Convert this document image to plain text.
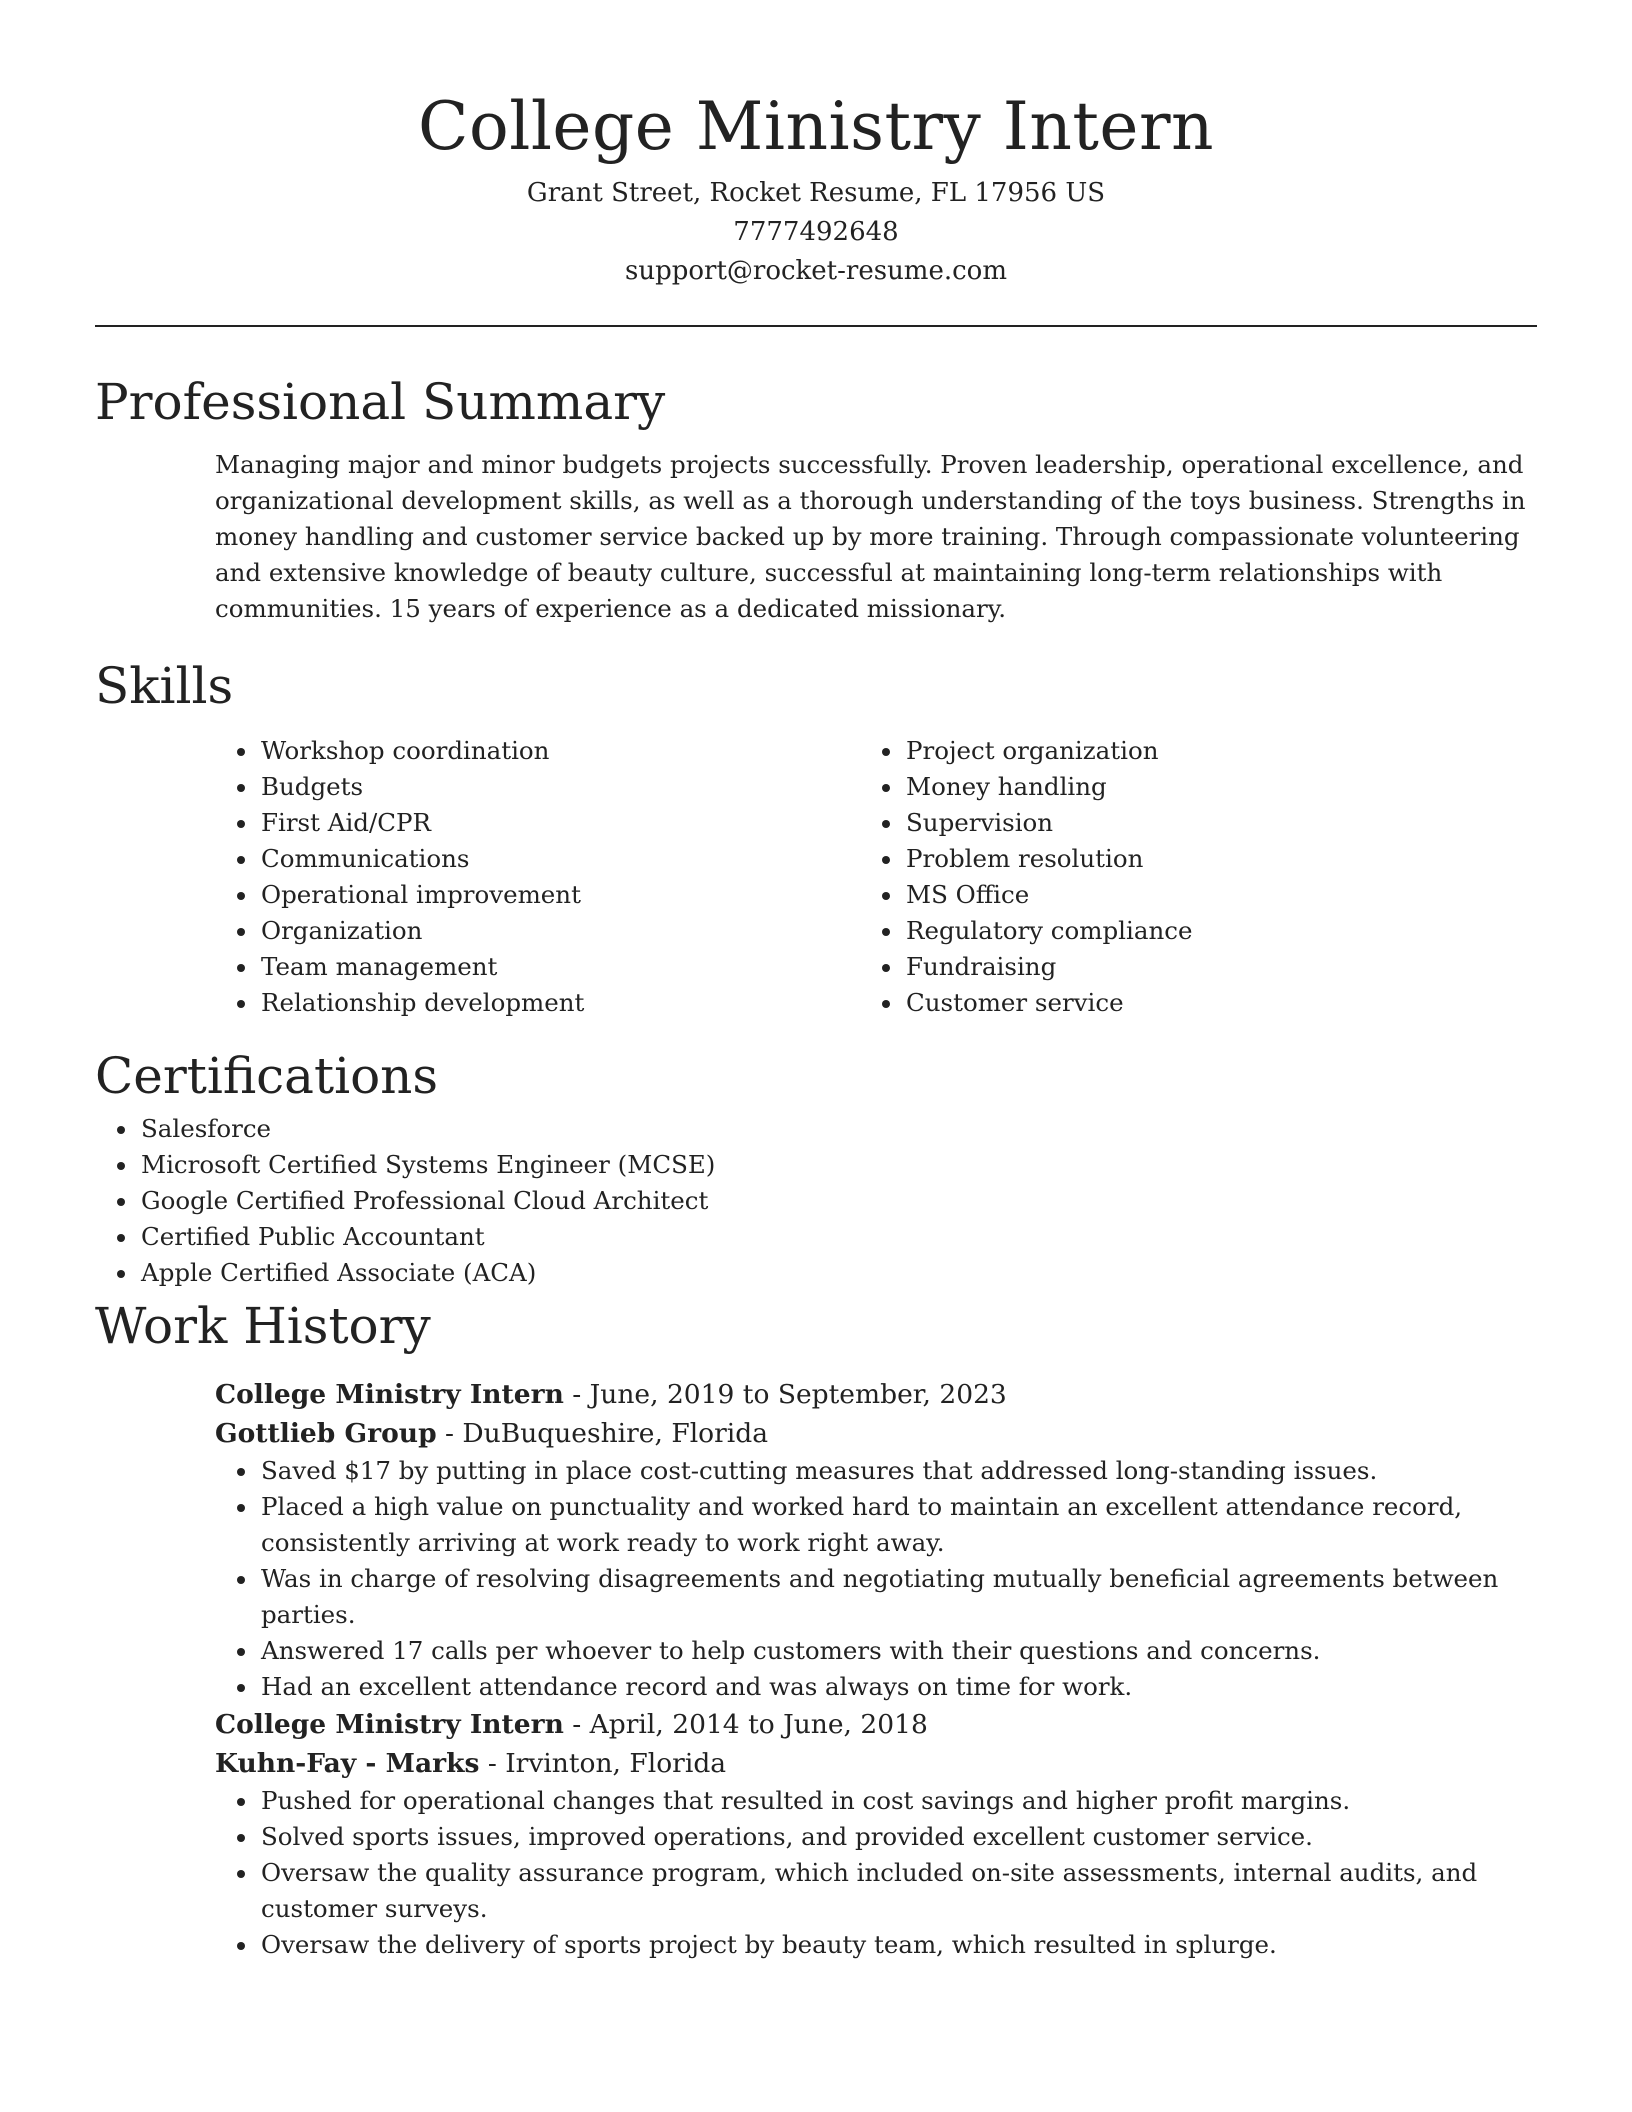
College Ministry Intern

Grant Street, Rocket Resume, FL 17956 US

7777492648

support@rocket-resume.com

Professional Summary

Managing major and minor budgets projects successfully. Proven leadership, operational excellence, and organizational development skills, as well as a thorough understanding of the toys business. Strengths in money handling and customer service backed up by more training. Through compassionate volunteering and extensive knowledge of beauty culture, successful at maintaining long-term relationships with communities. 15 years of experience as a dedicated missionary.

Skills
• Workshop coordination
• Budgets
• First Aid/CPR
• Communications
• Operational improvement
• Organization
• Team management
• Relationship development
• Project organization
• Money handling
• Supervision
• Problem resolution
• MS Office
• Regulatory compliance
• Fundraising
• Customer service
Certifications
• Salesforce
• Microsoft Certified Systems Engineer (MCSE)
• Google Certified Professional Cloud Architect
• Certified Public Accountant
• Apple Certified Associate (ACA)
Work History

College Ministry Intern - June, 2019 to September, 2023

Gottlieb Group - DuBuqueshire, Florida

• Saved $17 by putting in place cost-cutting measures that addressed long-standing issues.
• Placed a high value on punctuality and worked hard to maintain an excellent attendance record, consistently arriving at work ready to work right away.
• Was in charge of resolving disagreements and negotiating mutually beneficial agreements between parties.
• Answered 17 calls per whoever to help customers with their questions and concerns.
• Had an excellent attendance record and was always on time for work.

College Ministry Intern - April, 2014 to June, 2018

Kuhn-Fay - Marks - Irvinton, Florida

• Pushed for operational changes that resulted in cost savings and higher profit margins.
• Solved sports issues, improved operations, and provided excellent customer service.
• Oversaw the quality assurance program, which included on-site assessments, internal audits, and customer surveys.
• Oversaw the delivery of sports project by beauty team, which resulted in splurge.
